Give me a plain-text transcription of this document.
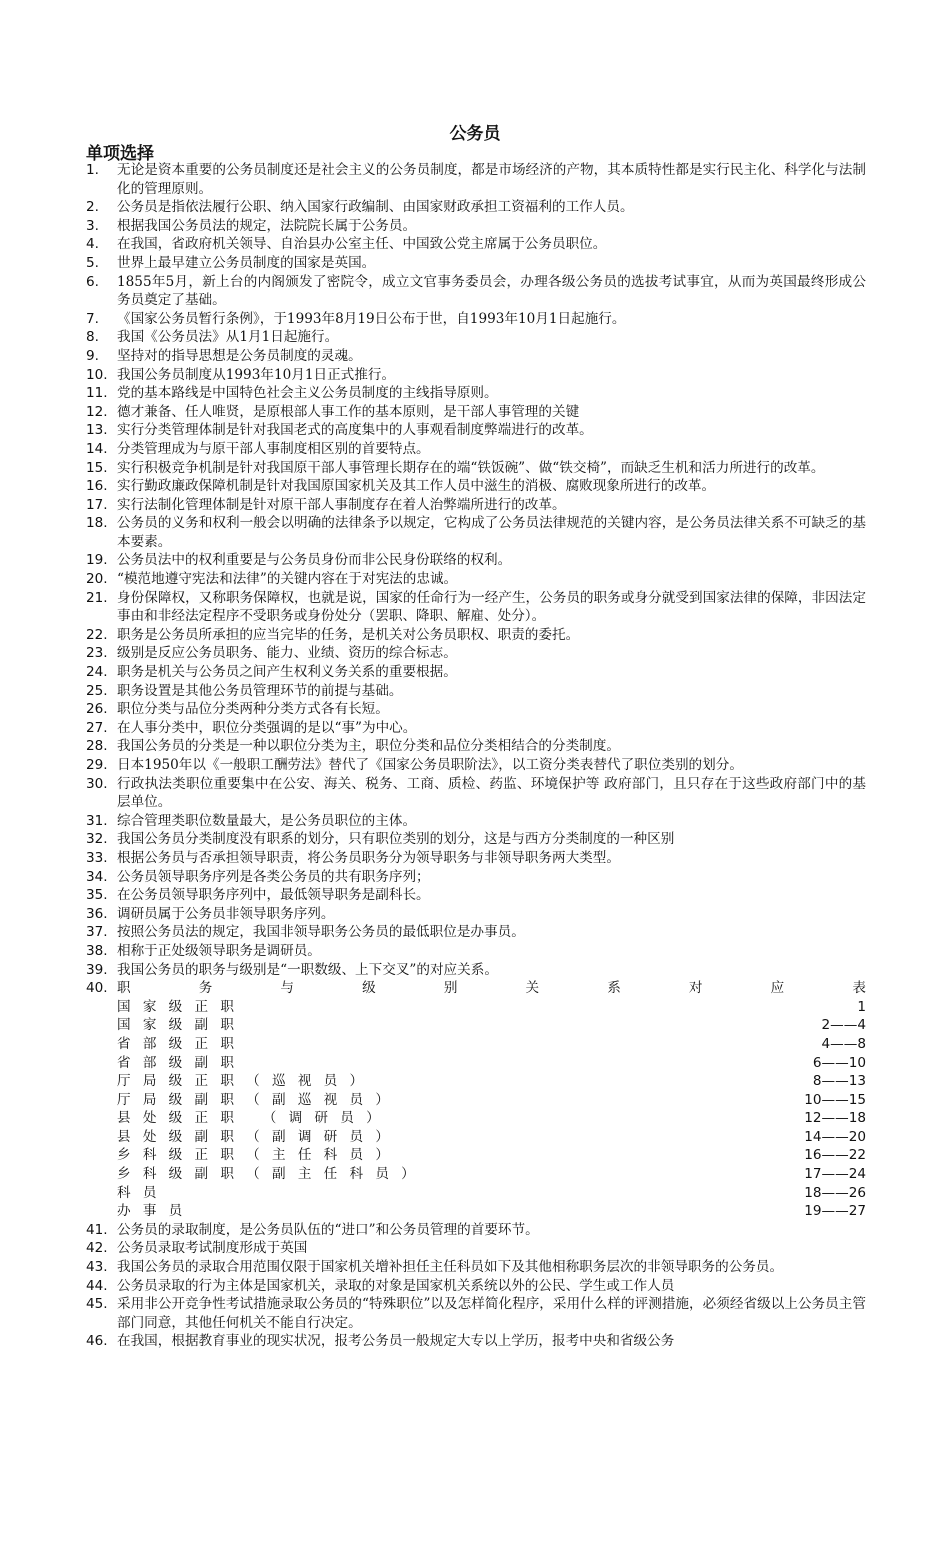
公务员
单项选择
1. 无论是资本重要的公务员制度还是社会主义的公务员制度，都是市场经济的产物，其本质特性都是实行民主化、科学化与法制化的管理原则。
2. 公务员是指依法履行公职、纳入国家行政编制、由国家财政承担工资福利的工作人员。
3. 根据我国公务员法的规定，法院院长属于公务员。
4. 在我国，省政府机关领导、自治县办公室主任、中国致公党主席属于公务员职位。
5. 世界上最早建立公务员制度的国家是英国。
6. 1855年5月，新上台的内阁颁发了密院令，成立文官事务委员会，办理各级公务员的选拔考试事宜，从而为英国最终形成公务员奠定了基础。
7. 《国家公务员暂行条例》，于1993年8月19日公布于世，自1993年10月1日起施行。
8. 我国《公务员法》从1月1日起施行。
9. 坚持对的指导思想是公务员制度的灵魂。
10. 我国公务员制度从1993年10月1日正式推行。
11. 党的基本路线是中国特色社会主义公务员制度的主线指导原则。
12. 德才兼备、任人唯贤，是原根部人事工作的基本原则，是干部人事管理的关键
13. 实行分类管理体制是针对我国老式的高度集中的人事观看制度弊端进行的改革。
14. 分类管理成为与原干部人事制度相区别的首要特点。
15. 实行积极竞争机制是针对我国原干部人事管理长期存在的端“铁饭碗”、做“铁交椅”，而缺乏生机和活力所进行的改革。
16. 实行勤政廉政保障机制是针对我国原国家机关及其工作人员中滋生的消极、腐败现象所进行的改革。
17. 实行法制化管理体制是针对原干部人事制度存在着人治弊端所进行的改革。
18. 公务员的义务和权利一般会以明确的法律条予以规定，它构成了公务员法律规范的关键内容，是公务员法律关系不可缺乏的基本要素。
19. 公务员法中的权利重要是与公务员身份而非公民身份联络的权利。
20. “模范地遵守宪法和法律”的关键内容在于对宪法的忠诚。
21. 身份保障权，又称职务保障权，也就是说，国家的任命行为一经产生，公务员的职务或身分就受到国家法律的保障，非因法定事由和非经法定程序不受职务或身份处分（罢职、降职、解雇、处分）。
22. 职务是公务员所承担的应当完毕的任务，是机关对公务员职权、职责的委托。
23. 级别是反应公务员职务、能力、业绩、资历的综合标志。
24. 职务是机关与公务员之间产生权利义务关系的重要根据。
25. 职务设置是其他公务员管理环节的前提与基础。
26. 职位分类与品位分类两种分类方式各有长短。
27. 在人事分类中，职位分类强调的是以“事”为中心。
28. 我国公务员的分类是一种以职位分类为主，职位分类和品位分类相结合的分类制度。
29. 日本1950年以《一般职工酬劳法》替代了《国家公务员职阶法》，以工资分类表替代了职位类别的划分。
30. 行政执法类职位重要集中在公安、海关、税务、工商、质检、药监、环境保护等 政府部门，且只存在于这些政府部门中的基层单位。
31. 综合管理类职位数量最大，是公务员职位的主体。
32. 我国公务员分类制度没有职系的划分，只有职位类别的划分，这是与西方分类制度的一种区别
33. 根据公务员与否承担领导职责，将公务员职务分为领导职务与非领导职务两大类型。
34. 公务员领导职务序列是各类公务员的共有职务序列；
35. 在公务员领导职务序列中，最低领导职务是副科长。
36. 调研员属于公务员非领导职务序列。
37. 按照公务员法的规定，我国非领导职务公务员的最低职位是办事员。
38. 相称于正处级领导职务是调研员。
39. 我国公务员的职务与级别是“一职数级、上下交叉”的对应关系。
40. 职	务	与	级	别	关	系	对	应	表
国家级正职	1
国家级副职	2——4
省部级正职	4——8
省部级副职	6——10
厅局级正职（巡视员）	8——13
厅局级副职（副巡视员）	10——15
县处级正职 （调研员）	12——18
县处级副职（副调研员）	14——20
乡科级正职（主任科员）	16——22
乡科级副职（副主任科员）	17——24
科员	18——26
办事员	19——27
41. 公务员的录取制度，是公务员队伍的“进口”和公务员管理的首要环节。
42. 公务员录取考试制度形成于英国
43. 我国公务员的录取合用范围仅限于国家机关增补担任主任科员如下及其他相称职务层次的非领导职务的公务员。
44. 公务员录取的行为主体是国家机关，录取的对象是国家机关系统以外的公民、学生或工作人员
45. 采用非公开竞争性考试措施录取公务员的“特殊职位”以及怎样简化程序，采用什么样的评测措施，必须经省级以上公务员主管部门同意，其他任何机关不能自行决定。
46. 在我国，根据教育事业的现实状况，报考公务员一般规定大专以上学历，报考中央和省级公务
